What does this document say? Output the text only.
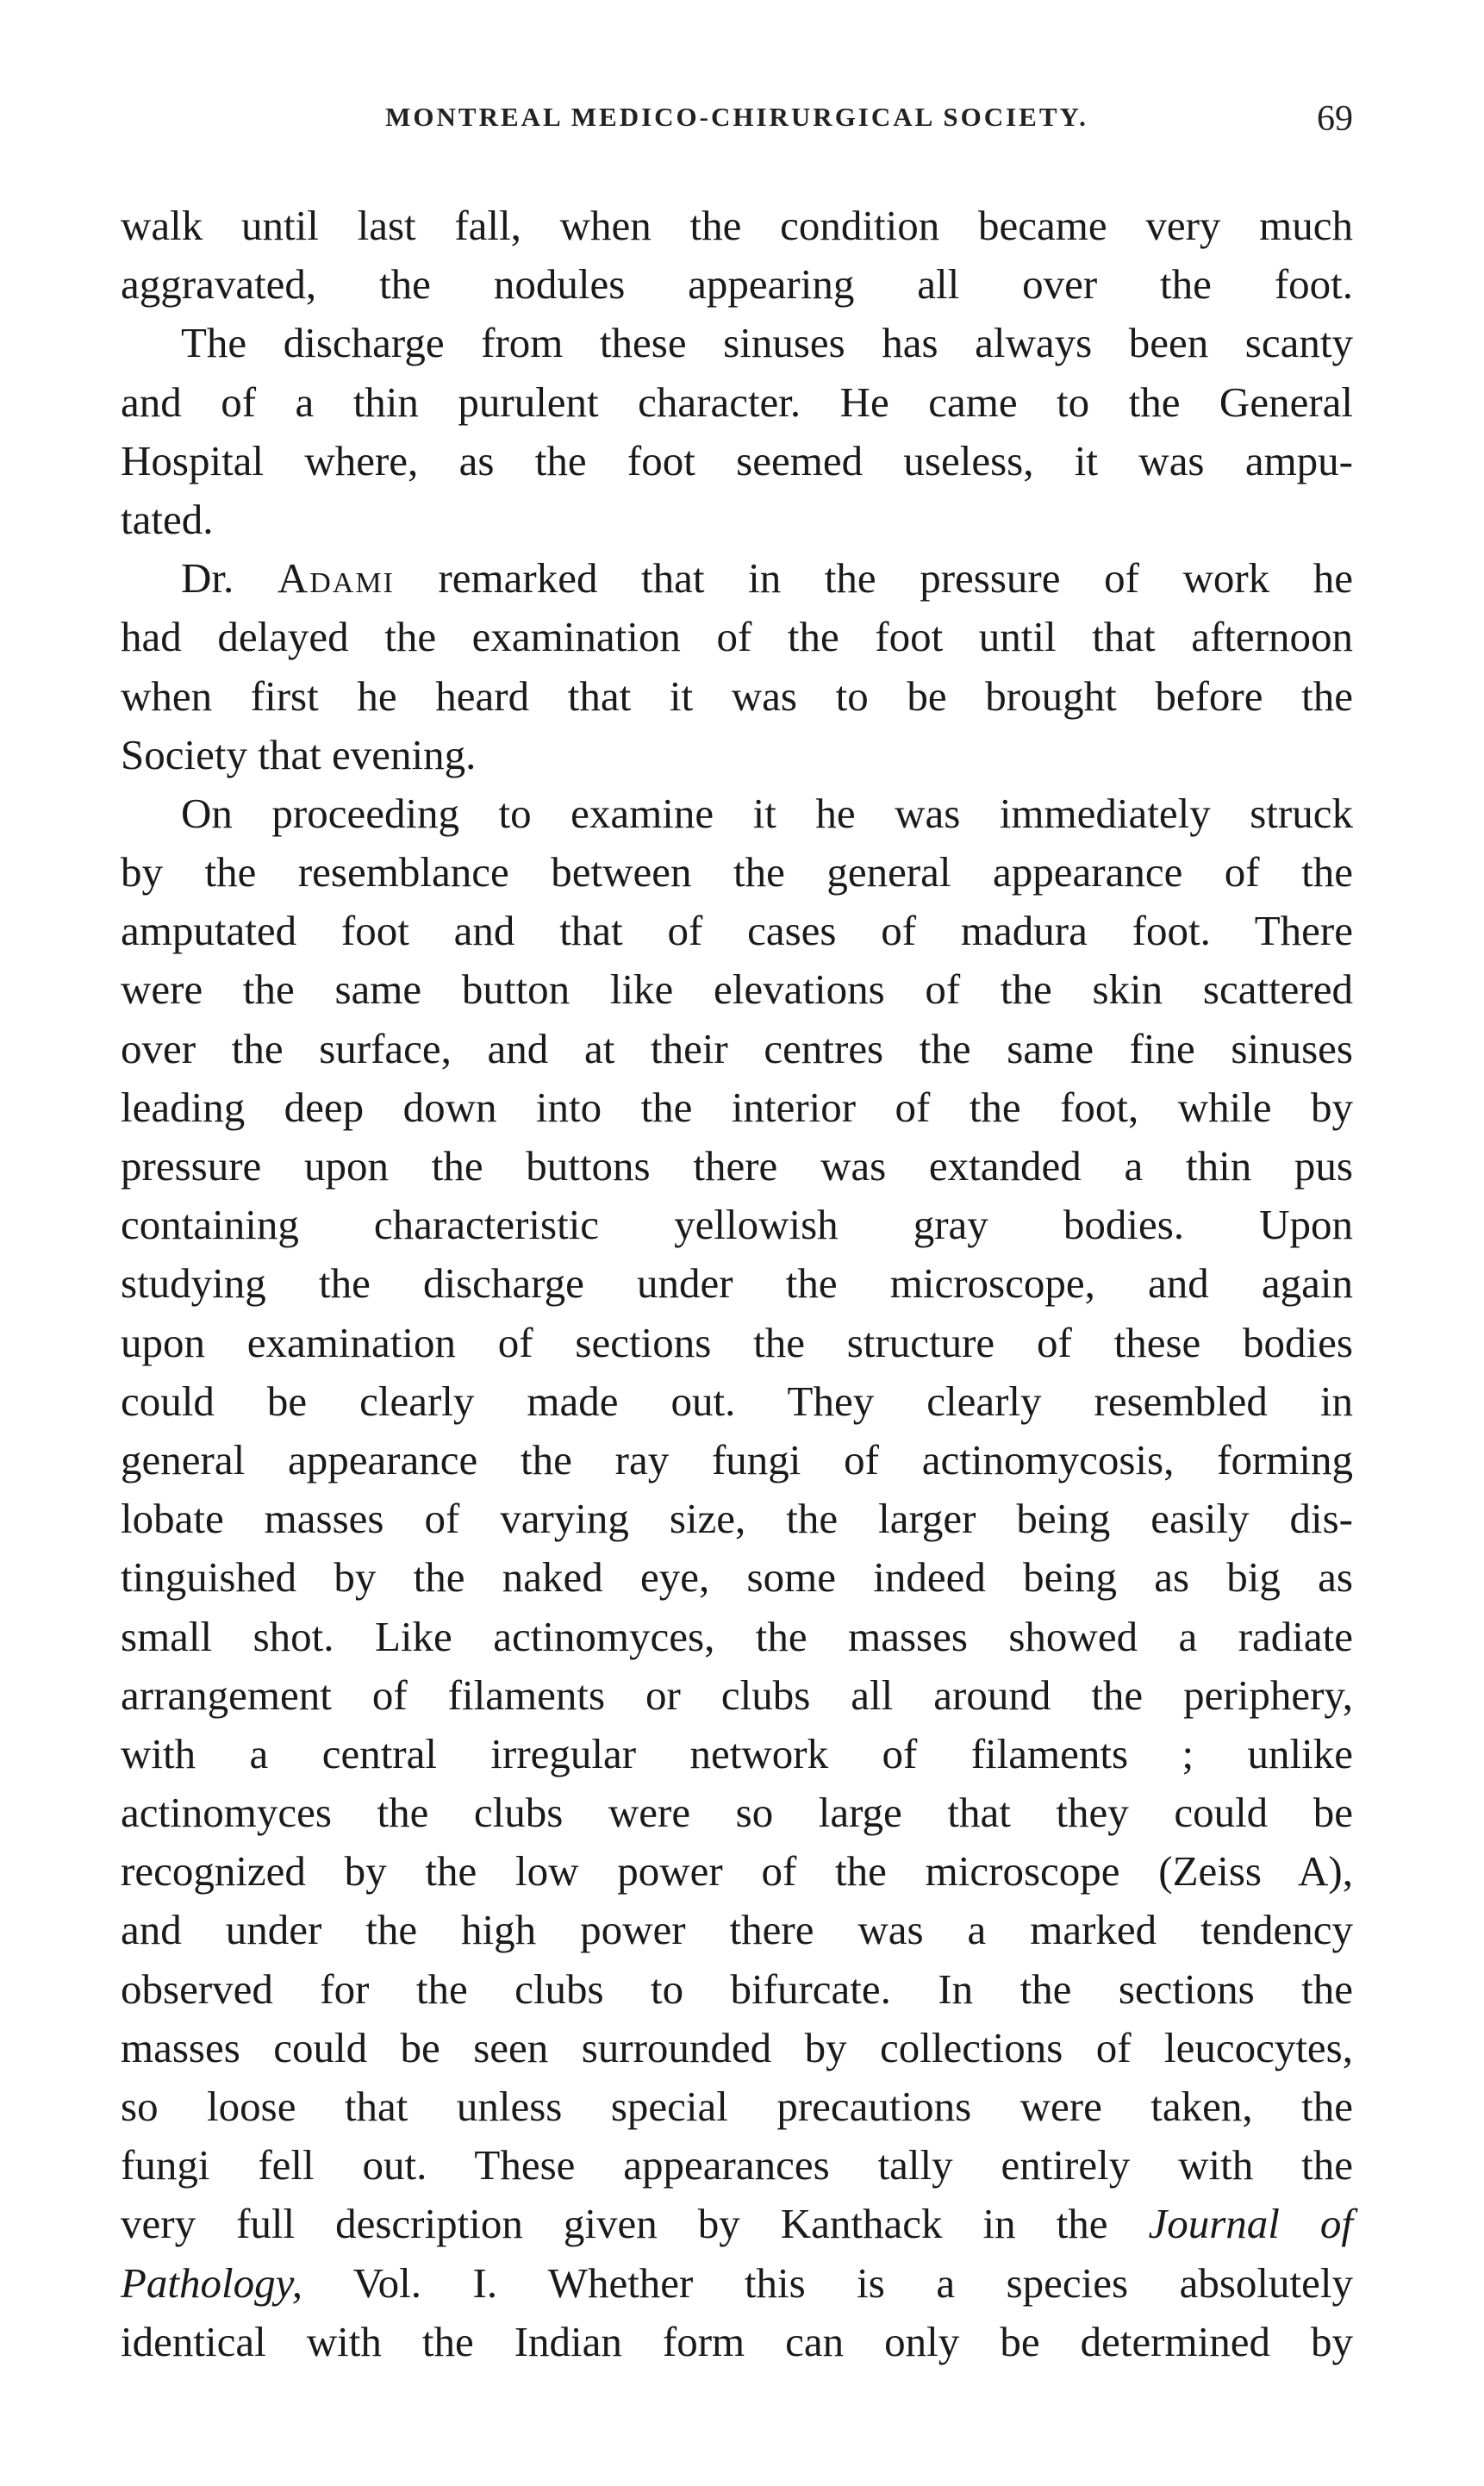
MONTREAL MEDICO-CHIRURGICAL SOCIETY.	69
walk until last fall, when the condition became very much
aggravated, the nodules appearing all over the foot.
The discharge from these sinuses has always been scanty
and of a thin purulent character. He came to the General
Hospital where, as the foot seemed useless, it was ampu-
tated.
Dr. Adami remarked that in the pressure of work he
had delayed the examination of the foot until that afternoon
when first he heard that it was to be brought before the
Society that evening.
On proceeding to examine it he was immediately struck
by the resemblance between the general appearance of the
amputated foot and that of cases of madura foot. There
were the same button like elevations of the skin scattered
over the surface, and at their centres the same fine sinuses
leading deep down into the interior of the foot, while by
pressure upon the buttons there was extanded a thin pus
containing characteristic yellowish gray bodies. Upon
studying the discharge under the microscope, and again
upon examination of sections the structure of these bodies
could be clearly made out. They clearly resembled in
general appearance the ray fungi of actinomycosis, forming
lobate masses of varying size, the larger being easily dis-
tinguished by the naked eye, some indeed being as big as
small shot. Like actinomyces, the masses showed a radiate
arrangement of filaments or clubs all around the periphery,
with a central irregular network of filaments ; unlike
actinomyces the clubs were so large that they could be
recognized by the low power of the microscope (Zeiss A),
and under the high power there was a marked tendency
observed for the clubs to bifurcate. In the sections the
masses could be seen surrounded by collections of leucocytes,
so loose that unless special precautions were taken, the
fungi fell out. These appearances tally entirely with the
very full description given by Kanthack in the Journal of
Pathology, Vol. I. Whether this is a species absolutely
identical with the Indian form can only be determined by
